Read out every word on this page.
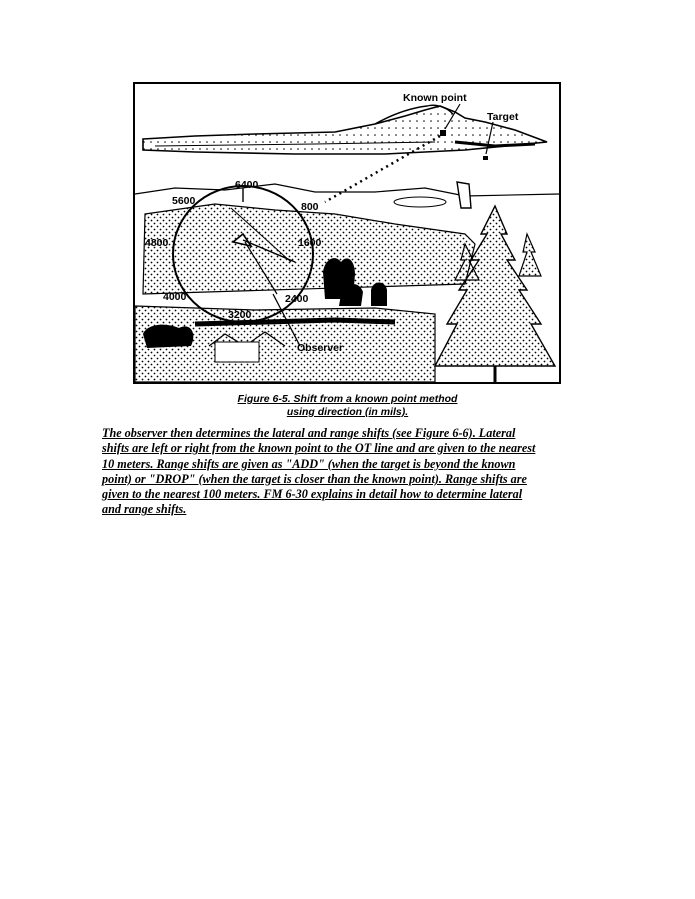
Known point
Target
6400
5600	800
4800	1600
4000	2400
3200
Observer
Figure 6-5. Shift from a known point method
using direction (in mils).
The observer then determines the lateral and range shifts (see Figure 6-6). Lateral
shifts are left or right from the known point to the OT line and are given to the nearest
10 meters. Range shifts are given as "ADD" (when the target is beyond the known
point) or "DROP" (when the target is closer than the known point). Range shifts are
given to the nearest 100 meters. FM 6-30 explains in detail how to determine lateral
and range shifts.
